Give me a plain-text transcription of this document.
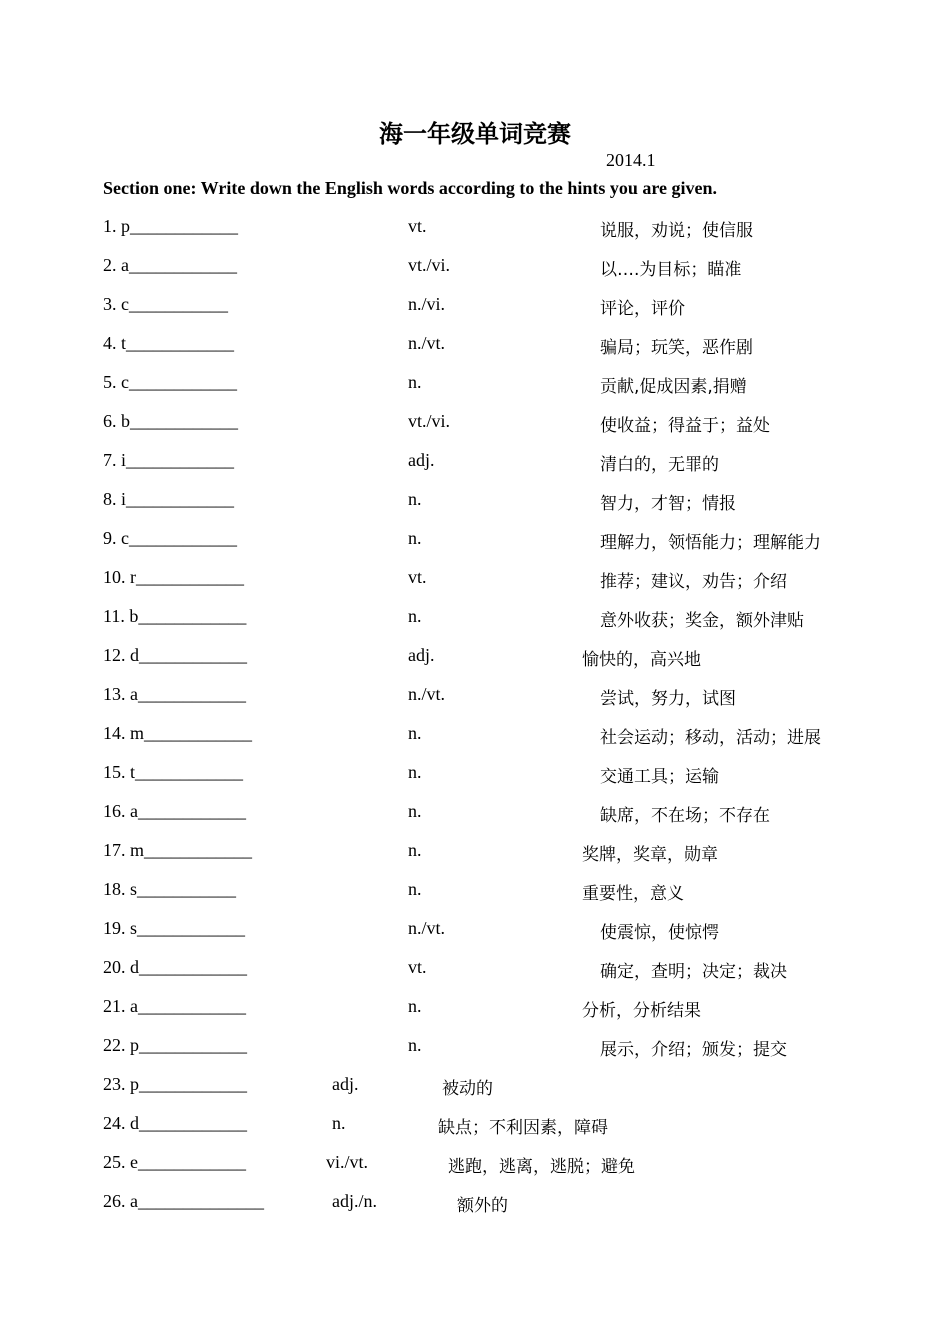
海一年级单词竞赛
2014.1
Section one: Write down the English words according to the hints you are given.
1. p____________	vt.	说服，劝说；使信服
2. a____________	vt./vi.	以….为目标；瞄准
3. c___________	n./vi.	评论，评价
4. t____________	n./vt.	骗局；玩笑，恶作剧
5. c____________	n.	贡献,促成因素,捐赠
6. b____________	vt./vi.	使收益；得益于；益处
7. i____________	adj.	清白的，无罪的
8. i____________	n.	智力，才智；情报
9. c____________	n.	理解力，领悟能力；理解能力
10. r____________	vt.	推荐；建议，劝告；介绍
11. b____________	n.	意外收获；奖金，额外津贴
12. d____________	adj.	愉快的，高兴地
13. a____________	n./vt.	尝试，努力，试图
14. m____________	n.	社会运动；移动，活动；进展
15. t____________	n.	交通工具；运输
16. a____________	n.	缺席，不在场；不存在
17. m____________	n.	奖牌，奖章，勋章
18. s___________	n.	重要性，意义
19. s____________	n./vt.	使震惊，使惊愕
20. d____________	vt.	确定，查明；决定；裁决
21. a____________	n.	分析，分析结果
22. p____________	n.	展示，介绍；颁发；提交
23. p____________	adj.	被动的
24. d____________	n.	缺点；不利因素，障碍
25. e____________	vi./vt.	逃跑，逃离，逃脱；避免
26. a______________	adj./n.	额外的
